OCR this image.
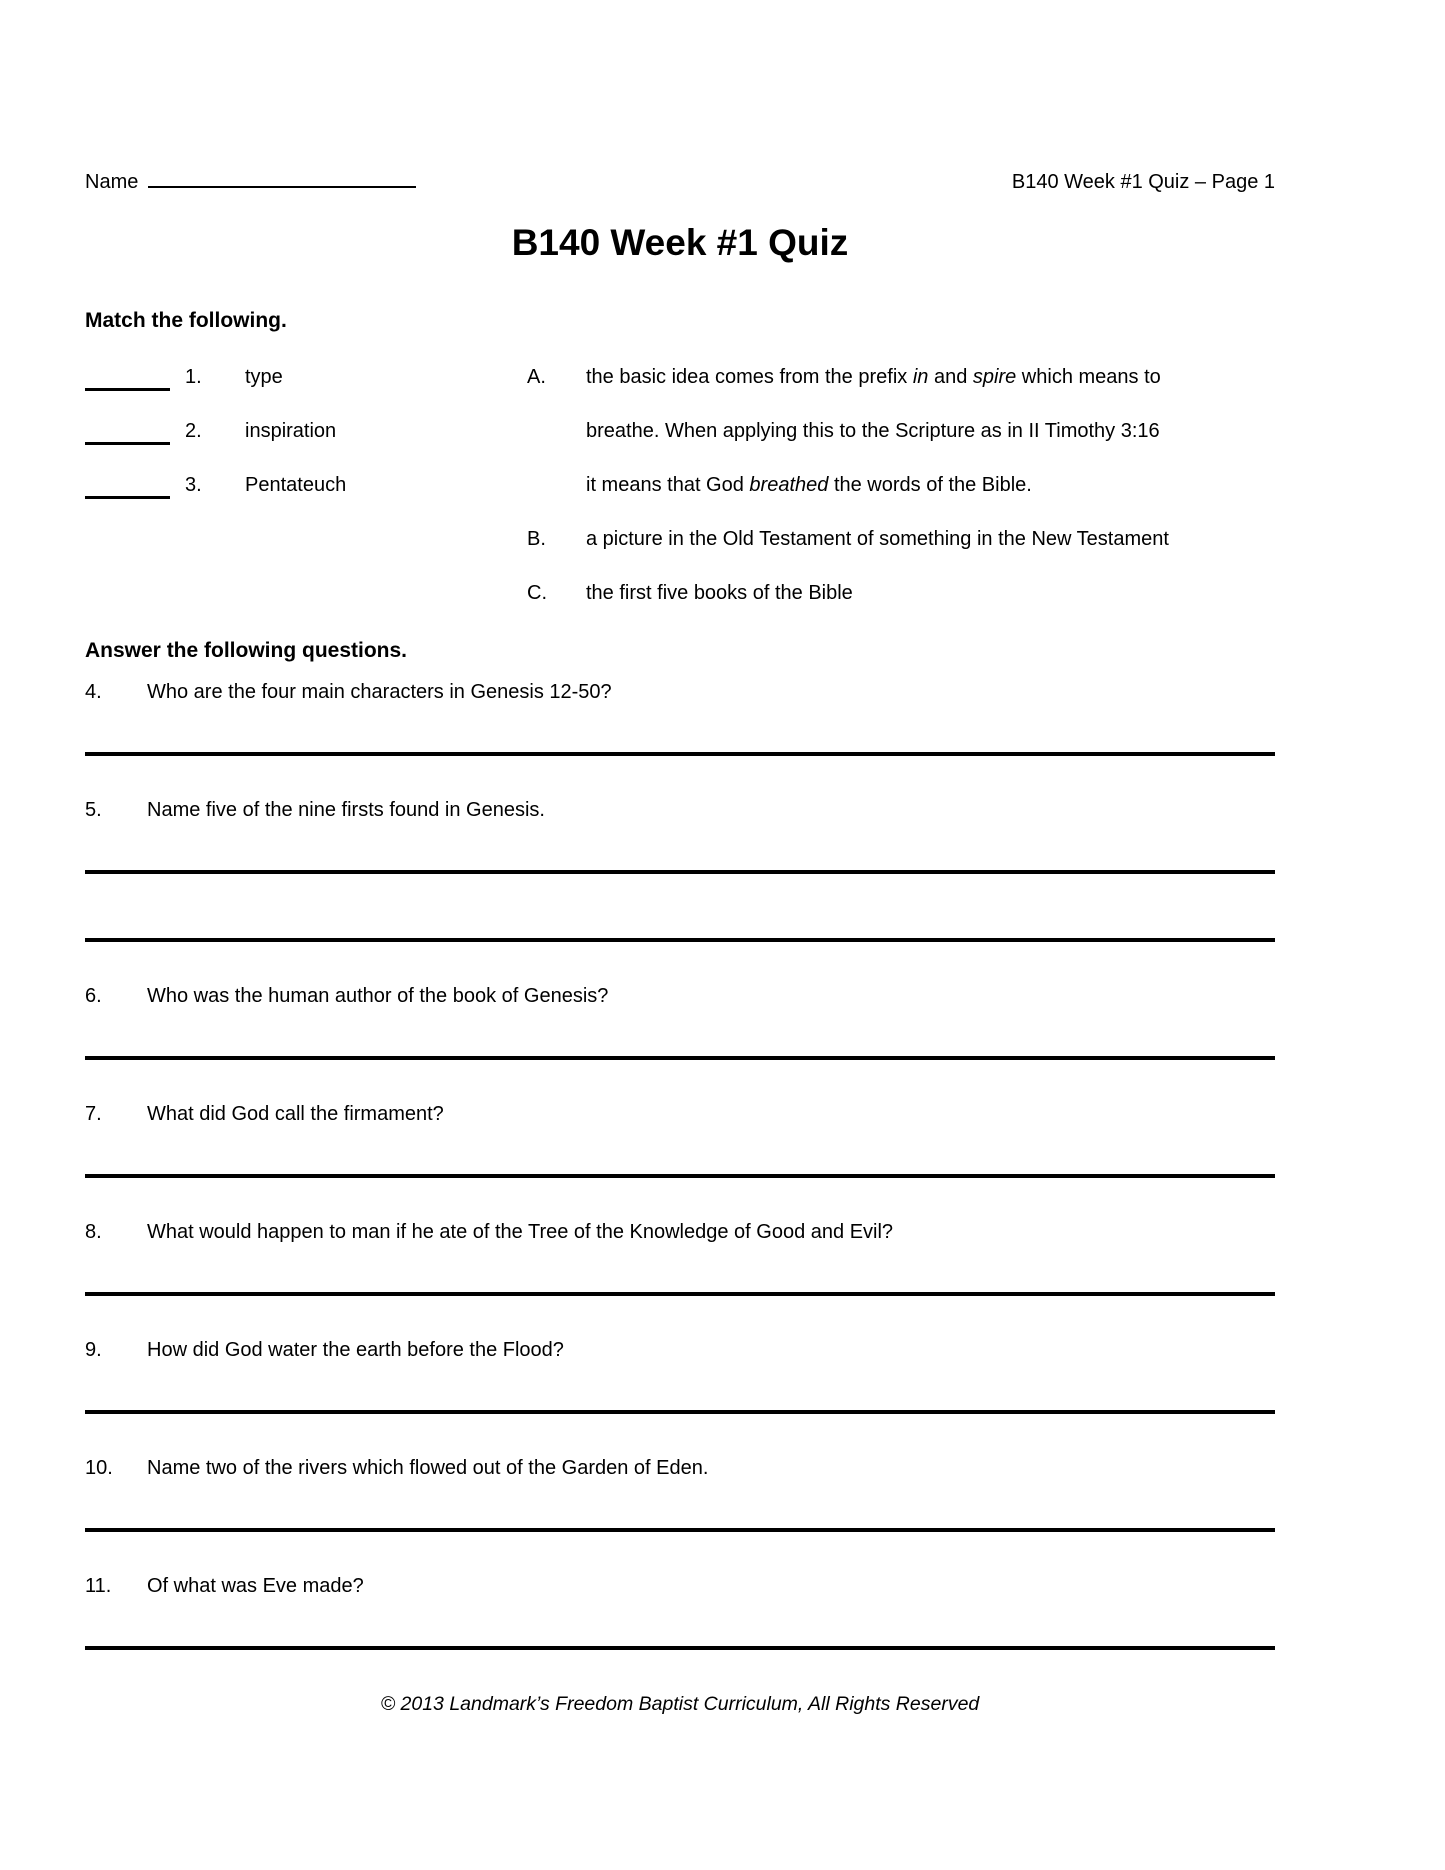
Name	B140 Week #1 Quiz – Page 1
B140 Week #1 Quiz
Match the following.
1.	type
2.	inspiration
3.	Pentateuch
A.	the basic idea comes from the prefix in and spire which means to
breathe. When applying this to the Scripture as in II Timothy 3:16
it means that God breathed the words of the Bible.
B.	a picture in the Old Testament of something in the New Testament
C.	the first five books of the Bible
Answer the following questions.
4.	Who are the four main characters in Genesis 12-50?
5.	Name five of the nine firsts found in Genesis.
6.	Who was the human author of the book of Genesis?
7.	What did God call the firmament?
8.	What would happen to man if he ate of the Tree of the Knowledge of Good and Evil?
9.	How did God water the earth before the Flood?
10.	Name two of the rivers which flowed out of the Garden of Eden.
11.	Of what was Eve made?
© 2013 Landmark’s Freedom Baptist Curriculum, All Rights Reserved
